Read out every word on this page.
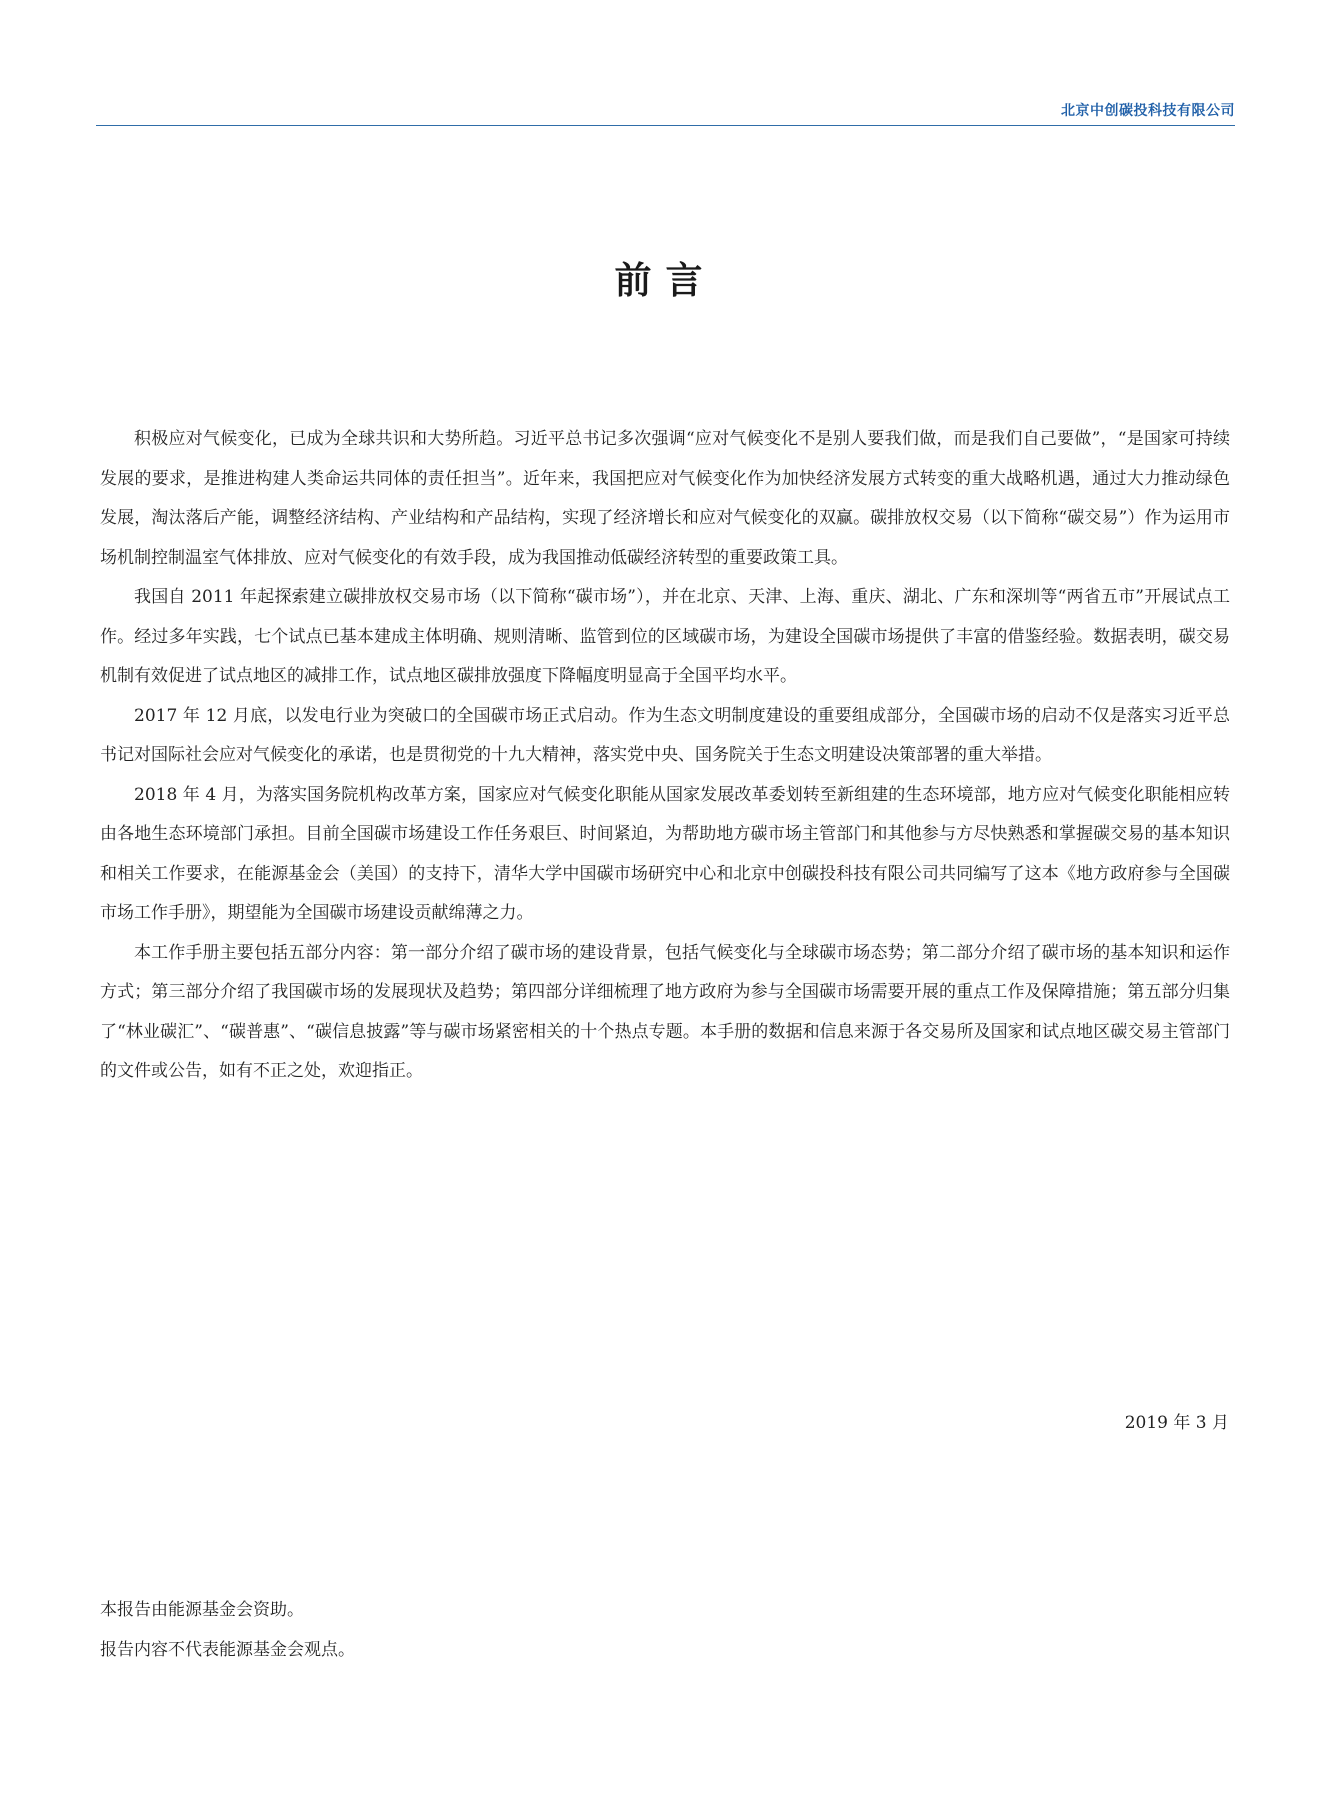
北京中创碳投科技有限公司
前言

积极应对气候变化，已成为全球共识和大势所趋。习近平总书记多次强调“应对气候变化不是别人要我们做，而是我们自己要做”，“是国家可持续发展的要求，是推进构建人类命运共同体的责任担当”。近年来，我国把应对气候变化作为加快经济发展方式转变的重大战略机遇，通过大力推动绿色发展，淘汰落后产能，调整经济结构、产业结构和产品结构，实现了经济增长和应对气候变化的双赢。碳排放权交易（以下简称“碳交易”）作为运用市场机制控制温室气体排放、应对气候变化的有效手段，成为我国推动低碳经济转型的重要政策工具。

我国自 2011 年起探索建立碳排放权交易市场（以下简称“碳市场”），并在北京、天津、上海、重庆、湖北、广东和深圳等“两省五市”开展试点工作。经过多年实践，七个试点已基本建成主体明确、规则清晰、监管到位的区域碳市场，为建设全国碳市场提供了丰富的借鉴经验。数据表明，碳交易机制有效促进了试点地区的减排工作，试点地区碳排放强度下降幅度明显高于全国平均水平。

2017 年 12 月底，以发电行业为突破口的全国碳市场正式启动。作为生态文明制度建设的重要组成部分，全国碳市场的启动不仅是落实习近平总书记对国际社会应对气候变化的承诺，也是贯彻党的十九大精神，落实党中央、国务院关于生态文明建设决策部署的重大举措。

2018 年 4 月，为落实国务院机构改革方案，国家应对气候变化职能从国家发展改革委划转至新组建的生态环境部，地方应对气候变化职能相应转由各地生态环境部门承担。目前全国碳市场建设工作任务艰巨、时间紧迫，为帮助地方碳市场主管部门和其他参与方尽快熟悉和掌握碳交易的基本知识和相关工作要求，在能源基金会（美国）的支持下，清华大学中国碳市场研究中心和北京中创碳投科技有限公司共同编写了这本《地方政府参与全国碳市场工作手册》，期望能为全国碳市场建设贡献绵薄之力。

本工作手册主要包括五部分内容：第一部分介绍了碳市场的建设背景，包括气候变化与全球碳市场态势；第二部分介绍了碳市场的基本知识和运作方式；第三部分介绍了我国碳市场的发展现状及趋势；第四部分详细梳理了地方政府为参与全国碳市场需要开展的重点工作及保障措施；第五部分归集了“林业碳汇”、“碳普惠”、“碳信息披露”等与碳市场紧密相关的十个热点专题。本手册的数据和信息来源于各交易所及国家和试点地区碳交易主管部门的文件或公告，如有不正之处，欢迎指正。

2019 年 3 月
本报告由能源基金会资助。
报告内容不代表能源基金会观点。
